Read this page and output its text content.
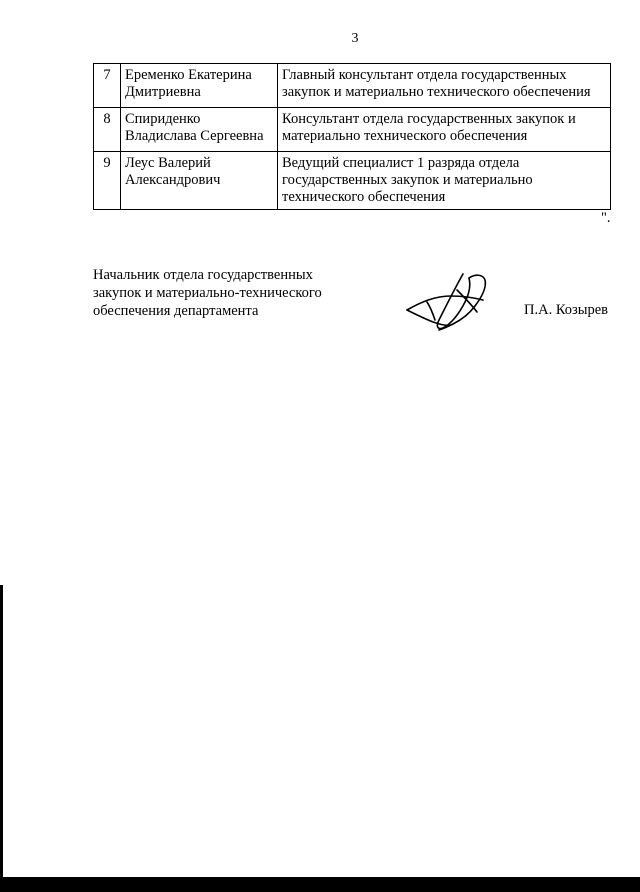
3
7	Еременко Екатерина Дмитриевна	Главный консультант отдела государственных закупок и материально технического обеспечения
8	Спириденко Владислава Сергеевна	Консультант отдела государственных закупок и материально технического обеспечения
9	Леус Валерий Александрович	Ведущий специалист 1 разряда отдела государственных закупок и материально технического обеспечения
".
Начальник отдела государственных
закупок и материально-технического
обеспечения департамента	П.А. Козырев
